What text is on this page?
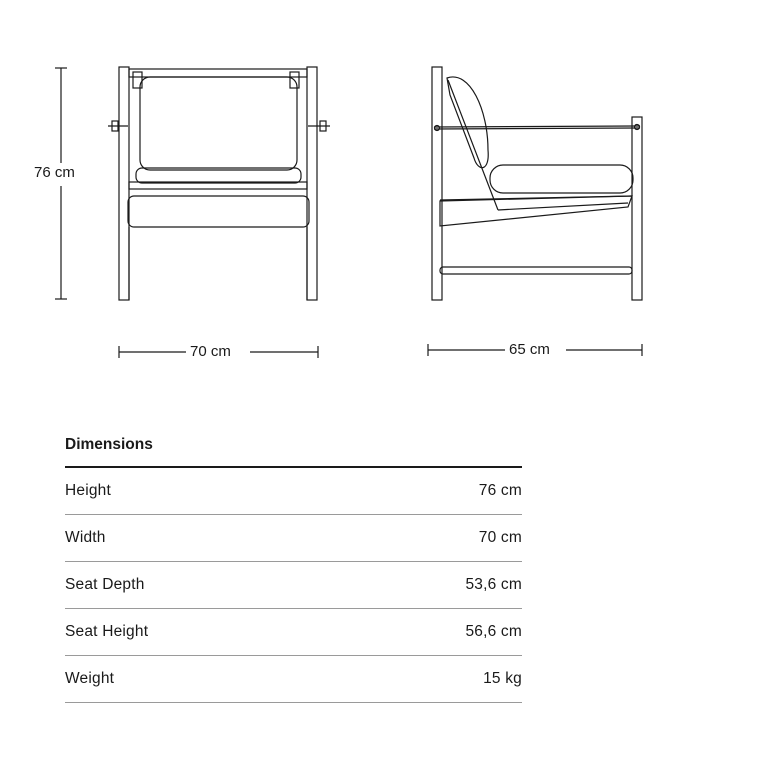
76 cm
70 cm	65 cm
Dimensions
Height	76 cm
Width	70 cm
Seat Depth	53,6 cm
Seat Height	56,6 cm
Weight	15 kg
